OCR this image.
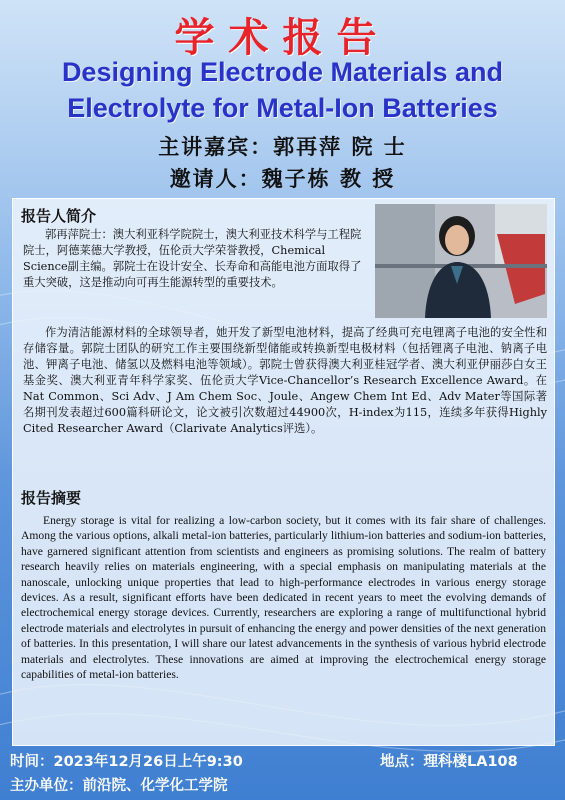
学术报告
Designing Electrode Materials and
Electrolyte for Metal-Ion Batteries
主讲嘉宾：郭再萍 院 士
邀请人：魏子栋 教 授
报告人简介
郭再萍院士：澳大利亚科学院院士，澳大利亚技术科学与工程院院士，阿德莱德大学教授，伍伦贡大学荣誉教授，Chemical Science副主编。郭院士在设计安全、长寿命和高能电池方面取得了重大突破，这是推动向可再生能源转型的重要技术。
作为清洁能源材料的全球领导者，她开发了新型电池材料，提高了经典可充电锂离子电池的安全性和存储容量。郭院士团队的研究工作主要围绕新型储能或转换新型电极材料（包括锂离子电池、钠离子电池、钾离子电池、储氢以及燃料电池等领域）。郭院士曾获得澳大利亚桂冠学者、澳大利亚伊丽莎白女王基金奖、澳大利亚青年科学家奖、伍伦贡大学Vice-Chancellor’s Research Excellence Award。在Nat Common、Sci Adv、J Am Chem Soc、Joule、Angew Chem Int Ed、Adv Mater等国际著名期刊发表超过600篇科研论文，论文被引次数超过44900次，H-index为115，连续多年获得Highly Cited Researcher Award（Clarivate Analytics评选）。
报告摘要
Energy storage is vital for realizing a low-carbon society, but it comes with its fair share of challenges. Among the various options, alkali metal-ion batteries, particularly lithium-ion batteries and sodium-ion batteries, have garnered significant attention from scientists and engineers as promising solutions. The realm of battery research heavily relies on materials engineering, with a special emphasis on manipulating materials at the nanoscale, unlocking unique properties that lead to high-performance electrodes in various energy storage devices. As a result, significant efforts have been dedicated in recent years to meet the evolving demands of electrochemical energy storage devices. Currently, researchers are exploring a range of multifunctional hybrid electrode materials and electrolytes in pursuit of enhancing the energy and power densities of the next generation of batteries. In this presentation, I will share our latest advancements in the synthesis of various hybrid electrode materials and electrolytes. These innovations are aimed at improving the electrochemical energy storage capabilities of metal-ion batteries.
时间：2023年12月26日上午9:30	地点：理科楼LA108
主办单位：前沿院、化学化工学院
